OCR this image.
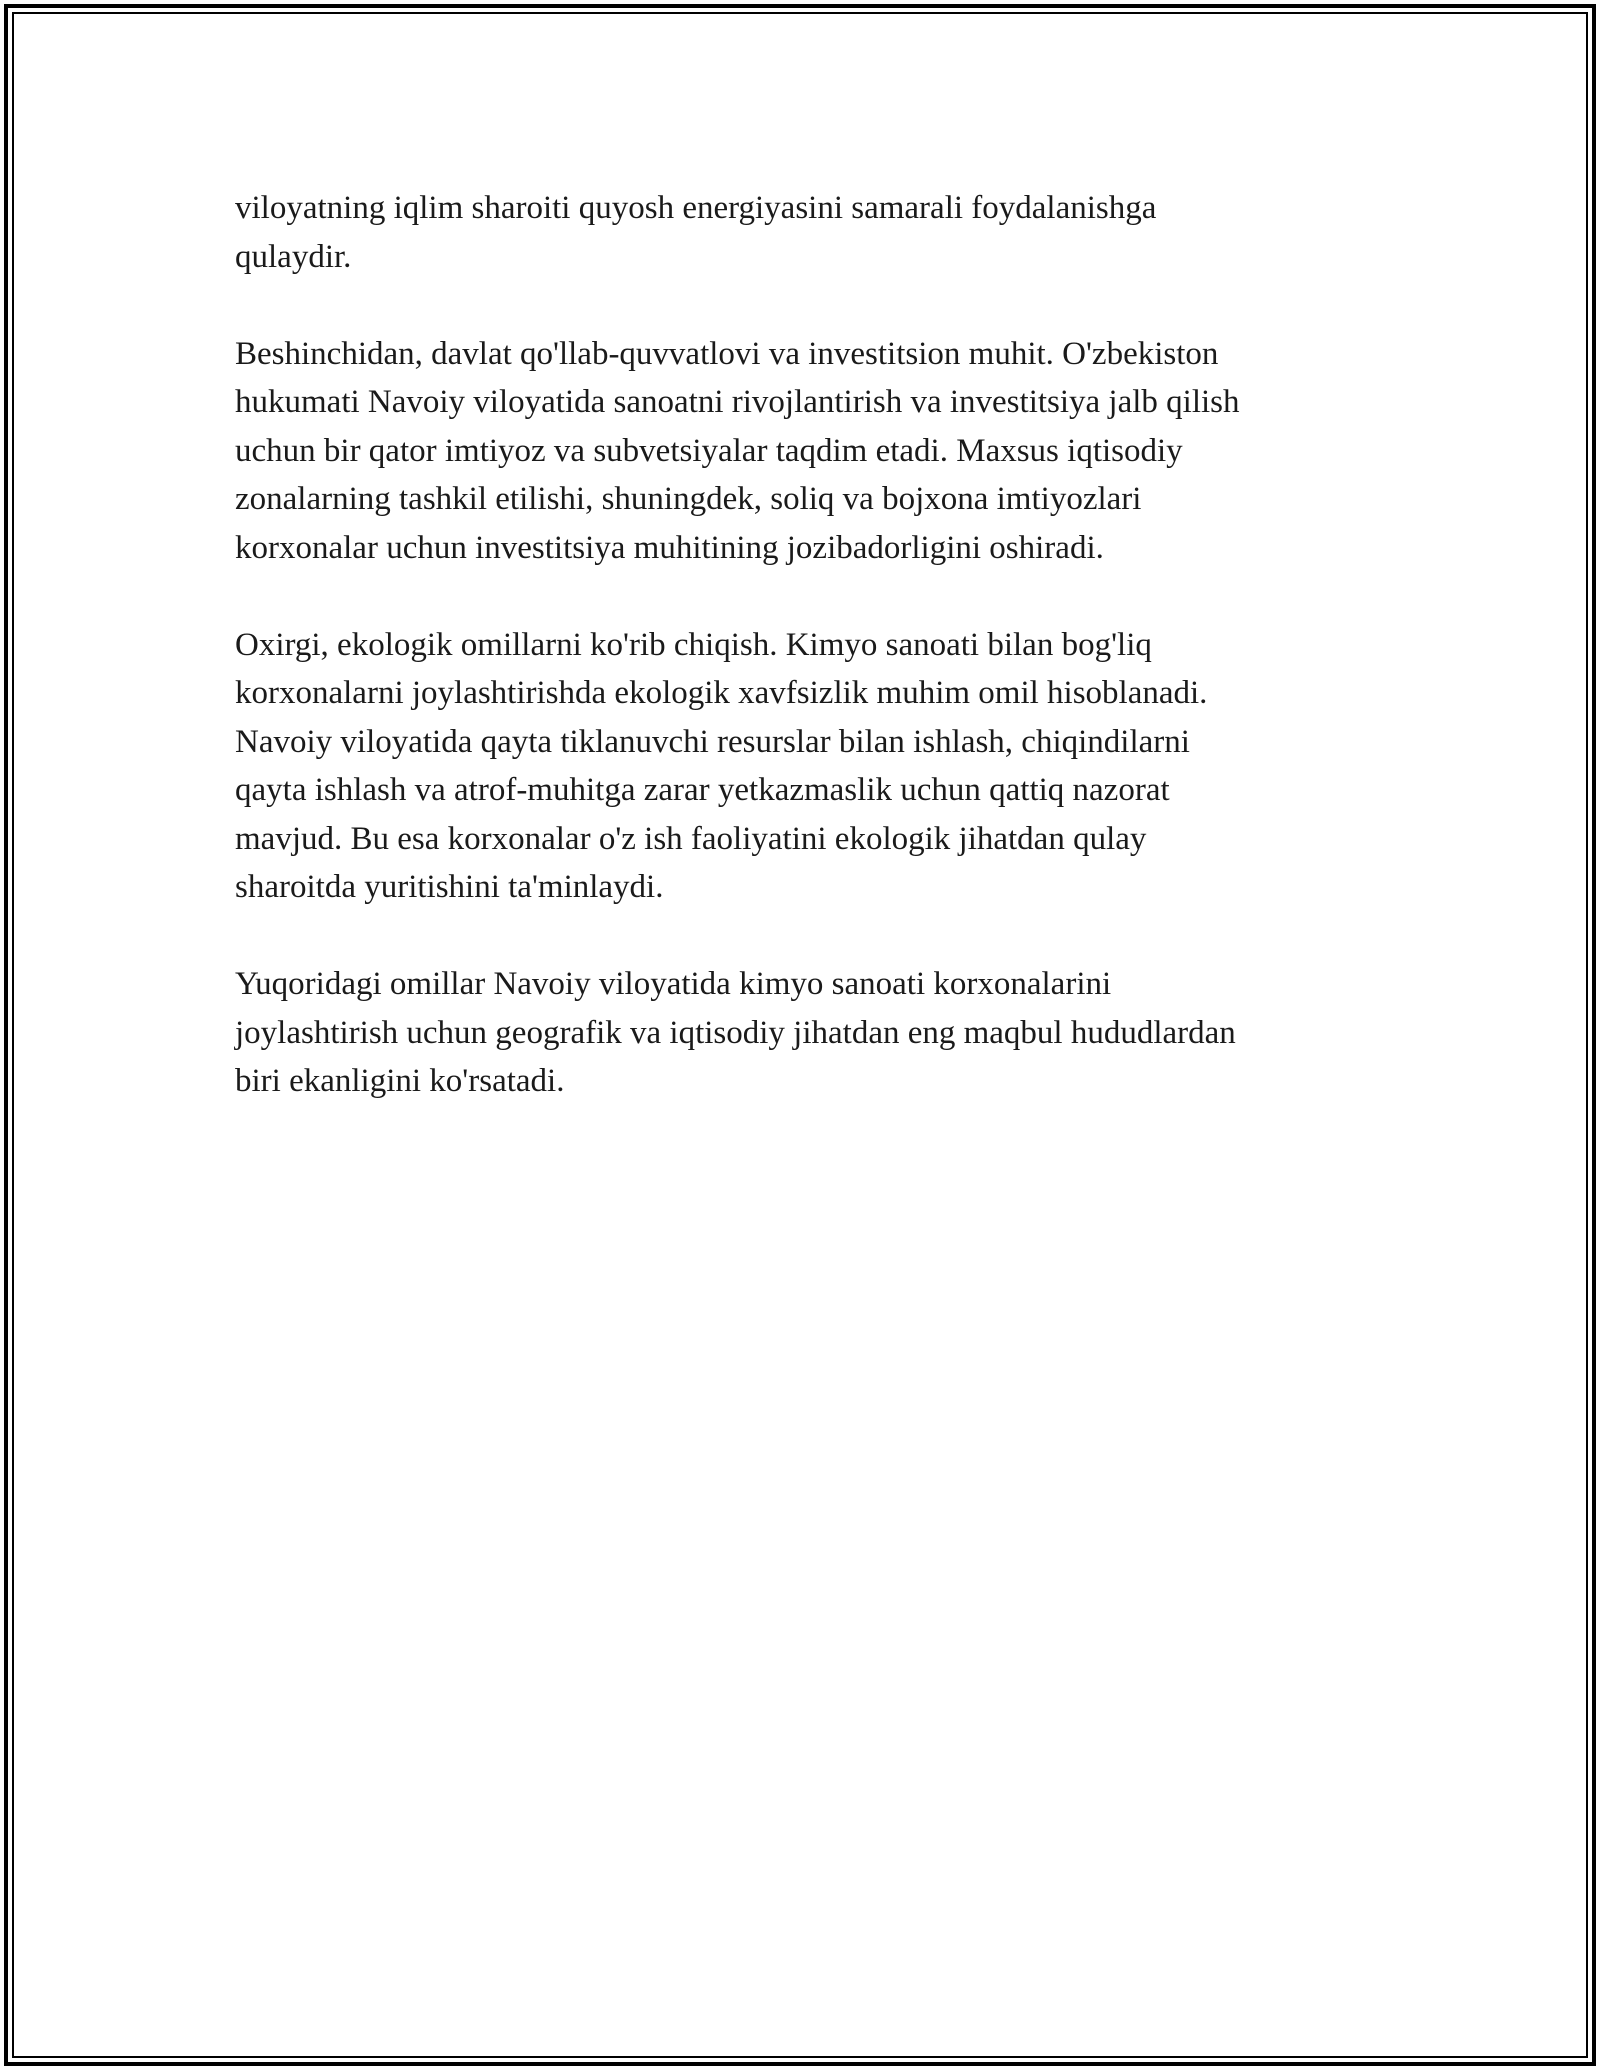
viloyatning iqlim sharoiti quyosh energiyasini samarali foydalanishga
qulaydir.

Beshinchidan, davlat qo'llab-quvvatlovi va investitsion muhit. O'zbekiston
hukumati Navoiy viloyatida sanoatni rivojlantirish va investitsiya jalb qilish
uchun bir qator imtiyoz va subvetsiyalar taqdim etadi. Maxsus iqtisodiy
zonalarning tashkil etilishi, shuningdek, soliq va bojxona imtiyozlari
korxonalar uchun investitsiya muhitining jozibadorligini oshiradi.

Oxirgi, ekologik omillarni ko'rib chiqish. Kimyo sanoati bilan bog'liq
korxonalarni joylashtirishda ekologik xavfsizlik muhim omil hisoblanadi.
Navoiy viloyatida qayta tiklanuvchi resurslar bilan ishlash, chiqindilarni
qayta ishlash va atrof-muhitga zarar yetkazmaslik uchun qattiq nazorat
mavjud. Bu esa korxonalar o'z ish faoliyatini ekologik jihatdan qulay
sharoitda yuritishini ta'minlaydi.

Yuqoridagi omillar Navoiy viloyatida kimyo sanoati korxonalarini
joylashtirish uchun geografik va iqtisodiy jihatdan eng maqbul hududlardan
biri ekanligini ko'rsatadi.
